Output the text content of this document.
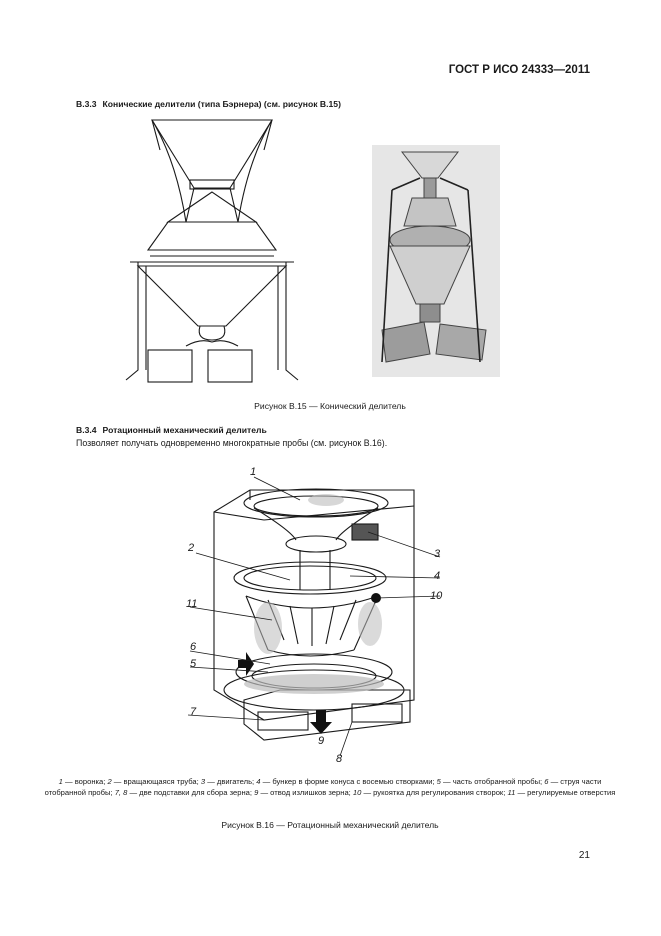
ГОСТ Р ИСО 24333—2011
В.3.3 Конические делители (типа Бэрнера) (см. рисунок В.15)
Рисунок В.15 — Конический делитель
В.3.4 Ротационный механический делитель
Позволяет получать одновременно многократные пробы (см. рисунок В.16).
1
2	3
4
5
6
7
8
9
10
11
1 — воронка; 2 — вращающаяся труба; 3 — двигатель; 4 — бункер в форме конуса с восемью створками; 5 — часть отобранной пробы; 6 — струя части отобранной пробы; 7, 8 — две подставки для сбора зерна; 9 — отвод излишков зерна; 10 — рукоятка для регулирования створок; 11 — регулируемые отверстия
Рисунок В.16 — Ротационный механический делитель
21
